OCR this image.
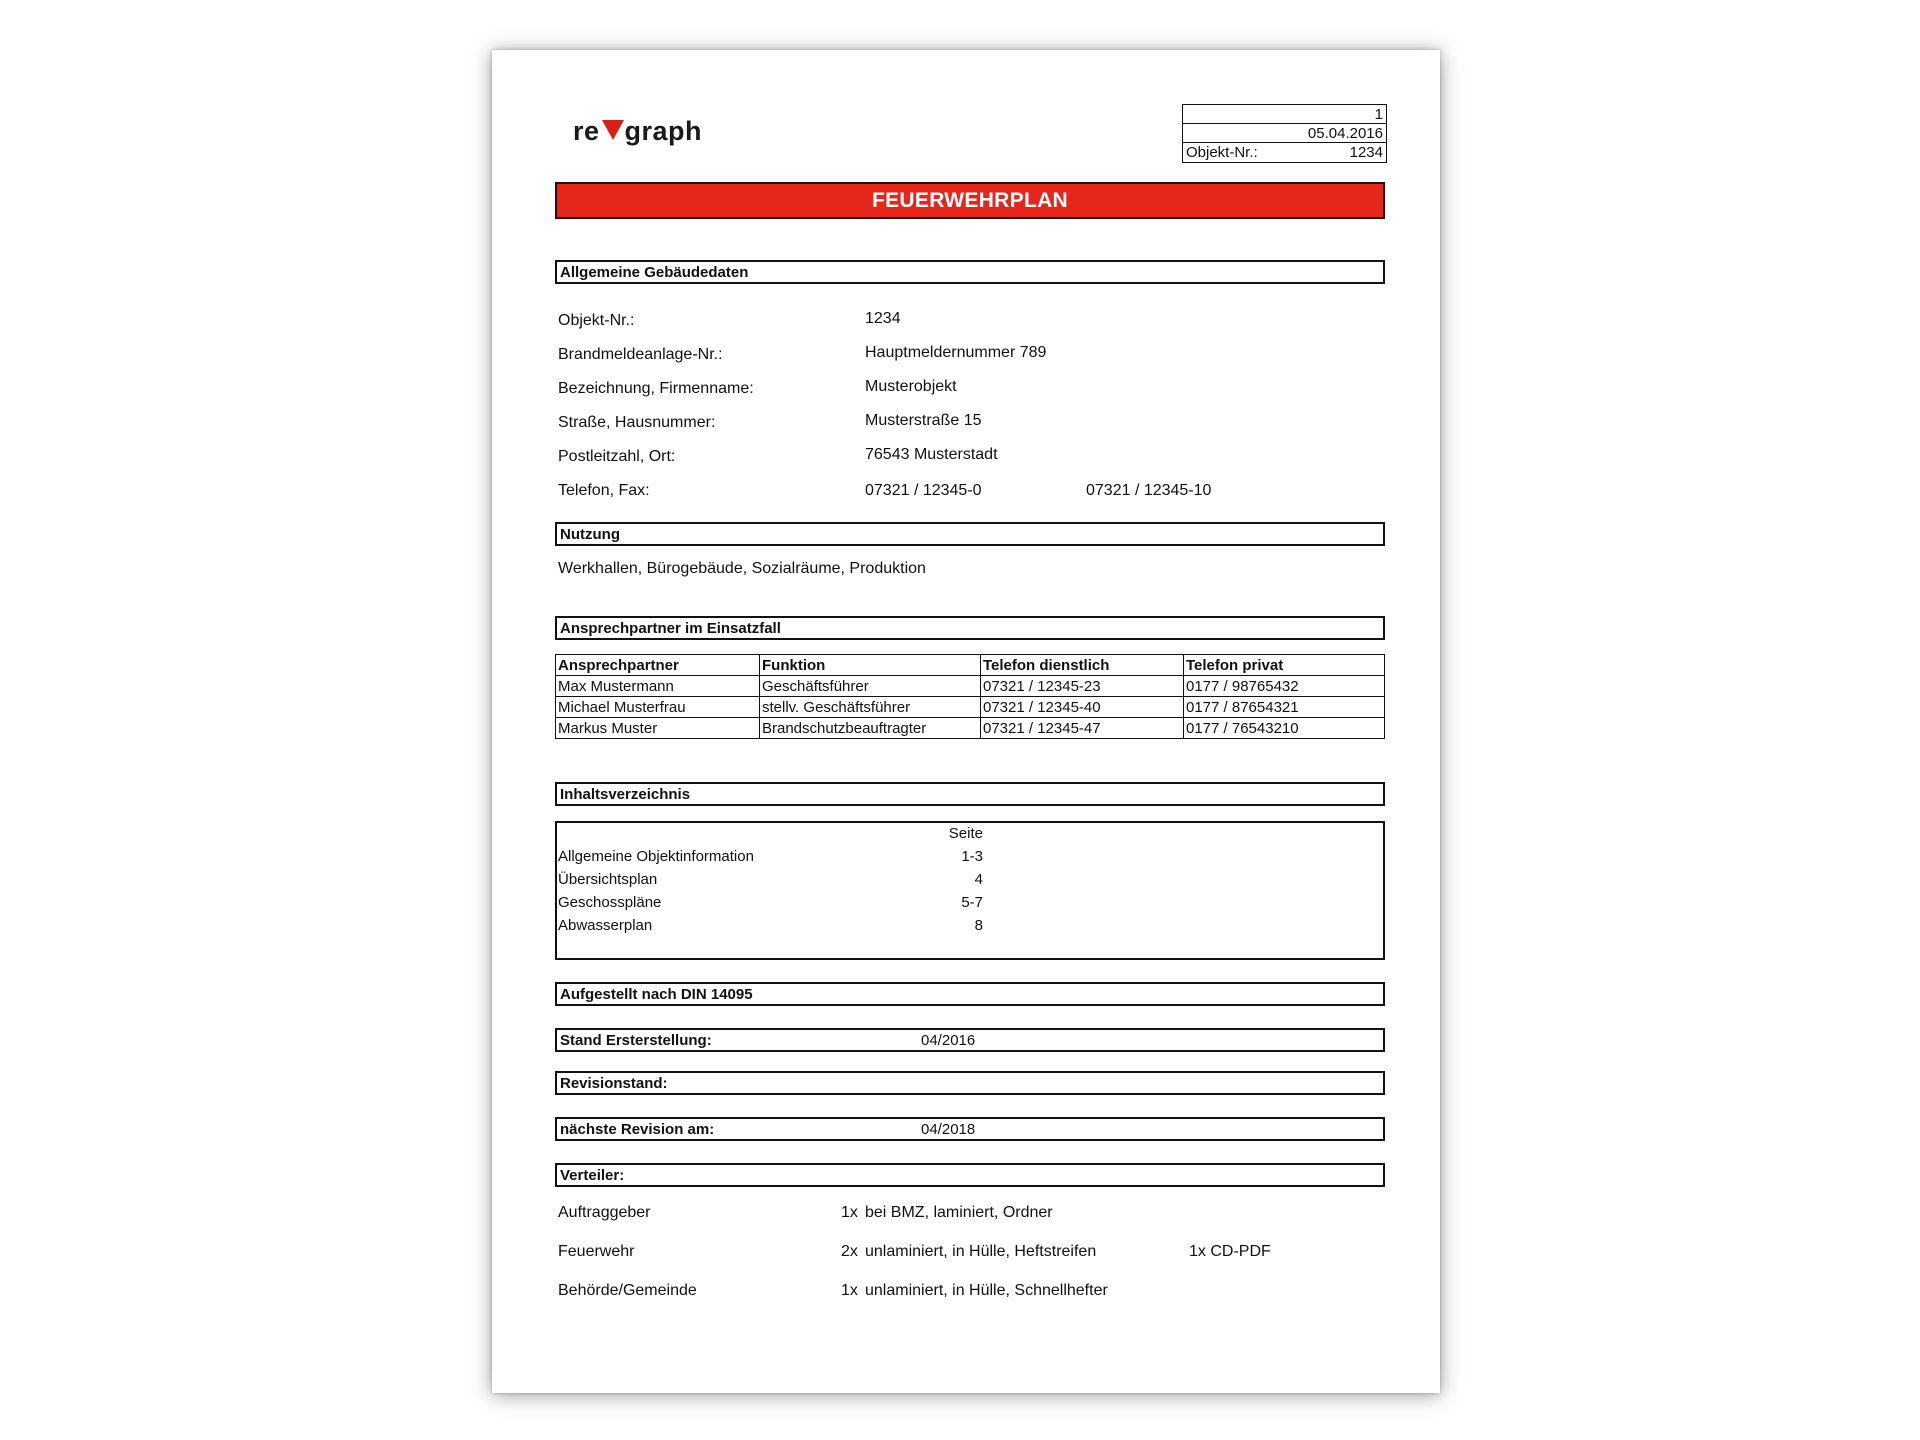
re graph
1
05.04.2016
Objekt-Nr.:	1234
FEUERWEHRPLAN
Allgemeine Gebäudedaten
Objekt-Nr.:	1234
Brandmeldeanlage-Nr.:	Hauptmeldernummer 789
Bezeichnung, Firmenname:	Musterobjekt
Straße, Hausnummer:	Musterstraße 15
Postleitzahl, Ort:	76543 Musterstadt
Telefon, Fax:	07321 / 12345-0	07321 / 12345-10
Nutzung
Werkhallen, Bürogebäude, Sozialräume, Produktion
Ansprechpartner im Einsatzfall
Ansprechpartner	Funktion	Telefon dienstlich	Telefon privat
Max Mustermann	Geschäftsführer	07321 / 12345-23	0177 / 98765432
Michael Musterfrau	stellv. Geschäftsführer	07321 / 12345-40	0177 / 87654321
Markus Muster	Brandschutzbeauftragter	07321 / 12345-47	0177 / 76543210
Inhaltsverzeichnis
Seite
Allgemeine Objektinformation	1-3
Übersichtsplan	4
Geschosspläne	5-7
Abwasserplan	8
Aufgestellt nach DIN 14095
Stand Ersterstellung:	04/2016
Revisionstand:
nächste Revision am:	04/2018
Verteiler:
Auftraggeber	1x bei BMZ, laminiert, Ordner
Feuerwehr	2x unlaminiert, in Hülle, Heftstreifen	1x CD-PDF
Behörde/Gemeinde	1x unlaminiert, in Hülle, Schnellhefter
